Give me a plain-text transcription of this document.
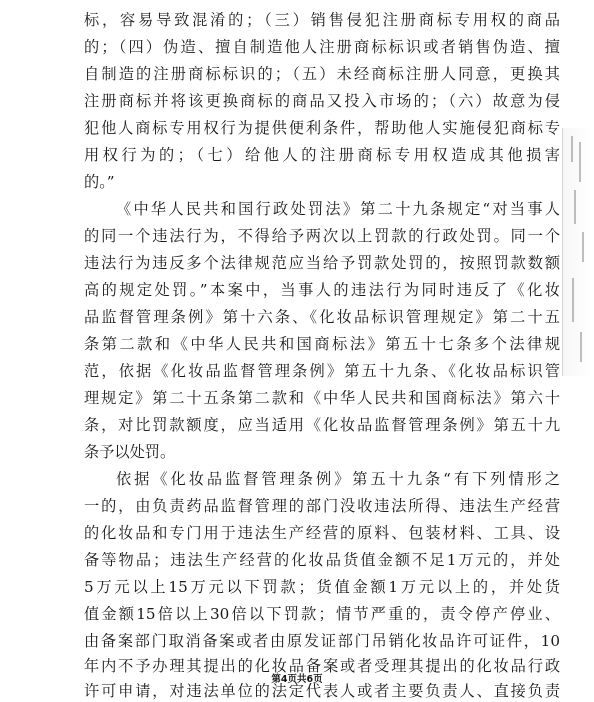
标，容易导致混淆的；（三）销售侵犯注册商标专用权的商品
的；（四）伪造、擅自制造他人注册商标标识或者销售伪造、擅
自制造的注册商标标识的；（五）未经商标注册人同意，更换其
注册商标并将该更换商标的商品又投入市场的；（六）故意为侵
犯他人商标专用权行为提供便利条件，帮助他人实施侵犯商标专
用权行为的；（七）给他人的注册商标专用权造成其他损害
的。”
《中华人民共和国行政处罚法》第二十九条规定“对当事人
的同一个违法行为，不得给予两次以上罚款的行政处罚。同一个
违法行为违反多个法律规范应当给予罚款处罚的，按照罚款数额
高的规定处罚。”本案中，当事人的违法行为同时违反了《化妆
品监督管理条例》第十六条、《化妆品标识管理规定》第二十五
条第二款和《中华人民共和国商标法》第五十七条多个法律规
范，依据《化妆品监督管理条例》第五十九条、《化妆品标识管
理规定》第二十五条第二款和《中华人民共和国商标法》第六十
条，对比罚款额度，应当适用《化妆品监督管理条例》第五十九
条予以处罚。
依据《化妆品监督管理条例》第五十九条“有下列情形之
一的，由负责药品监督管理的部门没收违法所得、违法生产经营
的化妆品和专门用于违法生产经营的原料、包装材料、工具、设
备等物品；违法生产经营的化妆品货值金额不足1万元的，并处
5万元以上15万元以下罚款；货值金额1万元以上的，并处货
值金额15倍以上30倍以下罚款；情节严重的，责令停产停业、
由备案部门取消备案或者由原发证部门吊销化妆品许可证件，10
年内不予办理其提出的化妆品备案或者受理其提出的化妆品行政
许可申请，对违法单位的法定代表人或者主要负责人、直接负责
第4页共6页
